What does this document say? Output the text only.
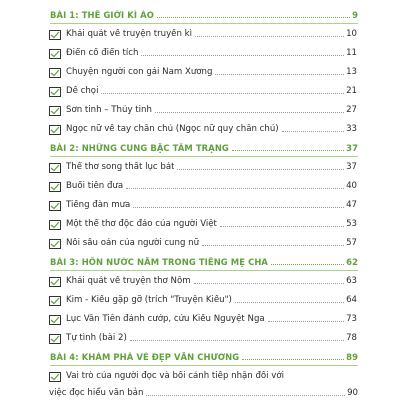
BÀI 1: THẾ GIỚI KÌ ẢO	9
Khái quát về truyện truyền kì	10
Điển cố điển tích	11
Chuyện người con gái Nam Xương	13
Dế chọi	21
Sơn tinh – Thủy tinh	27
Ngọc nữ về tay chân chủ (Ngọc nữ quy chân chủ)	33
BÀI 2: NHỮNG CUNG BẬC TÂM TRẠNG	37
Thể thơ song thất lục bát	37
Buổi tiễn đưa	40
Tiếng đàn mưa	47
Một thể thơ độc đáo của người Việt	53
Nỗi sầu oán của người cung nữ	57
BÀI 3: HỒN NƯỚC NẰM TRONG TIẾNG MẸ CHA	62
Khái quát về truyện thơ Nôm	63
Kim - Kiều gặp gỡ (trích "Truyện Kiều")	64
Lục Vân Tiên đánh cướp, cứu Kiều Nguyệt Nga	73
Tự tình (bài 2)	78
BÀI 4: KHÁM PHÁ VẺ ĐẸP VĂN CHƯƠNG	89
Vai trò của người đọc và bối cảnh tiếp nhận đối với
việc đọc hiểu văn bản	90
